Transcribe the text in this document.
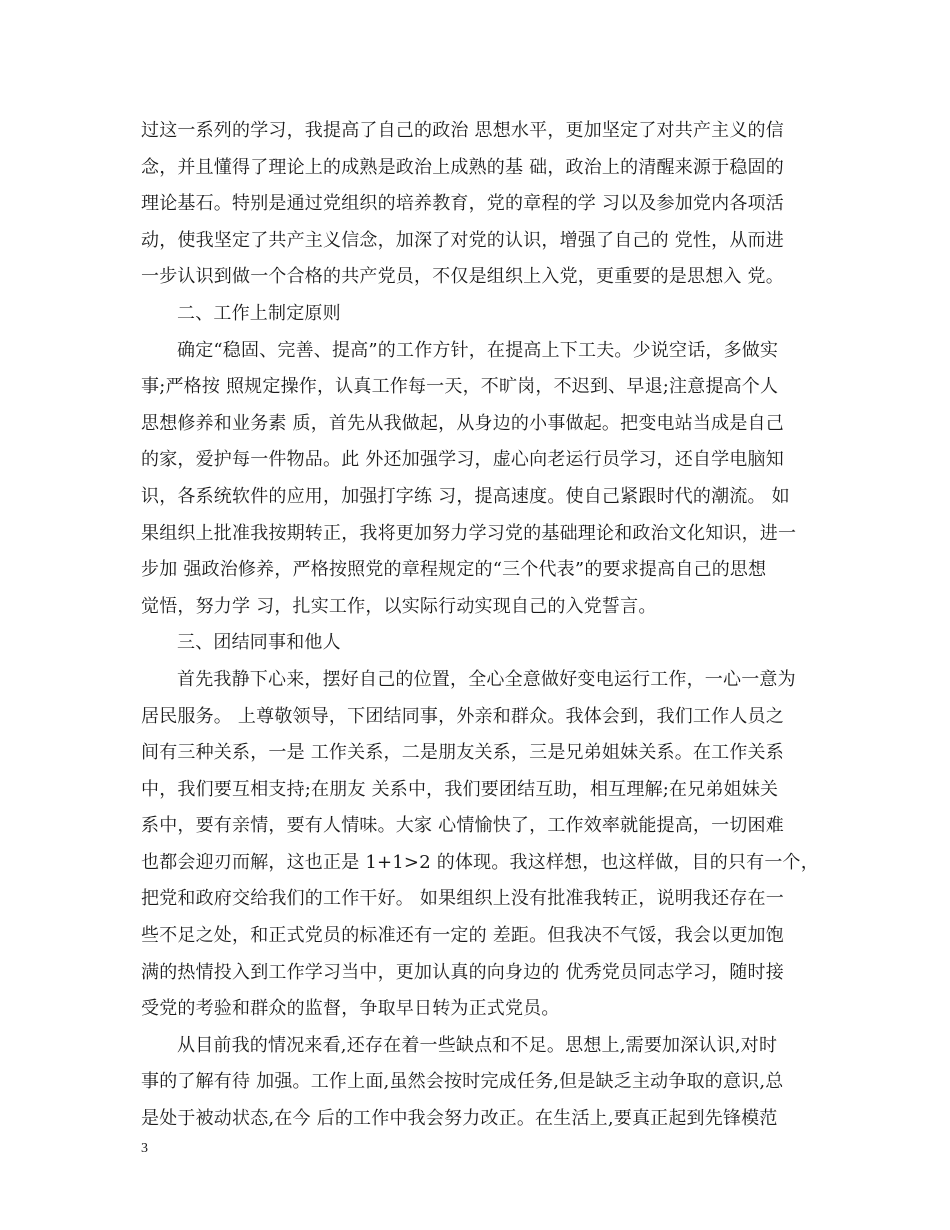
过这一系列的学习，我提高了自己的政治 思想水平，更加坚定了对共产主义的信
念，并且懂得了理论上的成熟是政治上成熟的基 础，政治上的清醒来源于稳固的
理论基石。特别是通过党组织的培养教育，党的章程的学 习以及参加党内各项活
动，使我坚定了共产主义信念，加深了对党的认识，增强了自己的 党性，从而进
一步认识到做一个合格的共产党员，不仅是组织上入党，更重要的是思想入 党。
二、工作上制定原则
确定“稳固、完善、提高”的工作方针，在提高上下工夫。少说空话，多做实
事;严格按 照规定操作，认真工作每一天，不旷岗，不迟到、早退;注意提高个人
思想修养和业务素 质，首先从我做起，从身边的小事做起。把变电站当成是自己
的家，爱护每一件物品。此 外还加强学习，虚心向老运行员学习，还自学电脑知
识，各系统软件的应用，加强打字练 习，提高速度。使自己紧跟时代的潮流。 如
果组织上批准我按期转正，我将更加努力学习党的基础理论和政治文化知识，进一
步加 强政治修养，严格按照党的章程规定的“三个代表”的要求提高自己的思想
觉悟，努力学 习，扎实工作，以实际行动实现自己的入党誓言。
三、团结同事和他人
首先我静下心来，摆好自己的位置，全心全意做好变电运行工作，一心一意为
居民服务。 上尊敬领导，下团结同事，外亲和群众。我体会到，我们工作人员之
间有三种关系，一是 工作关系，二是朋友关系，三是兄弟姐妹关系。在工作关系
中，我们要互相支持;在朋友 关系中，我们要团结互助，相互理解;在兄弟姐妹关
系中，要有亲情，要有人情味。大家 心情愉快了，工作效率就能提高，一切困难
也都会迎刃而解，这也正是 1+1>2 的体现。我这样想，也这样做，目的只有一个，
把党和政府交给我们的工作干好。 如果组织上没有批准我转正，说明我还存在一
些不足之处，和正式党员的标准还有一定的 差距。但我决不气馁，我会以更加饱
满的热情投入到工作学习当中，更加认真的向身边的 优秀党员同志学习，随时接
受党的考验和群众的监督，争取早日转为正式党员。
从目前我的情况来看,还存在着一些缺点和不足。思想上,需要加深认识,对时
事的了解有待 加强。工作上面,虽然会按时完成任务,但是缺乏主动争取的意识,总
是处于被动状态,在今 后的工作中我会努力改正。在生活上,要真正起到先锋模范
3
